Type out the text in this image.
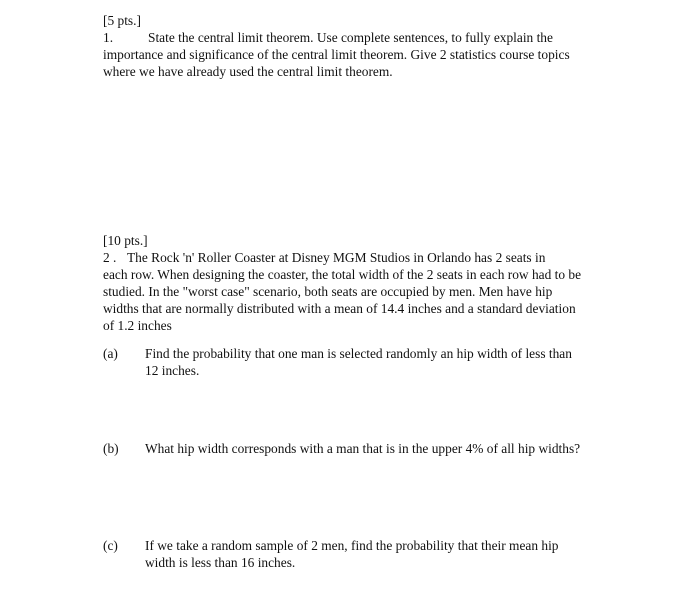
[5 pts.]
1.	State the central limit theorem. Use complete sentences, to fully explain the
importance and significance of the central limit theorem. Give 2 statistics course topics
where we have already used the central limit theorem.
[10 pts.]
2 . The Rock 'n' Roller Coaster at Disney MGM Studios in Orlando has 2 seats in
each row. When designing the coaster, the total width of the 2 seats in each row had to be
studied. In the "worst case" scenario, both seats are occupied by men. Men have hip
widths that are normally distributed with a mean of 14.4 inches and a standard deviation
of 1.2 inches
(a) Find the probability that one man is selected randomly an hip width of less than
12 inches.
(b) What hip width corresponds with a man that is in the upper 4% of all hip widths?
(c) If we take a random sample of 2 men, find the probability that their mean hip
width is less than 16 inches.
